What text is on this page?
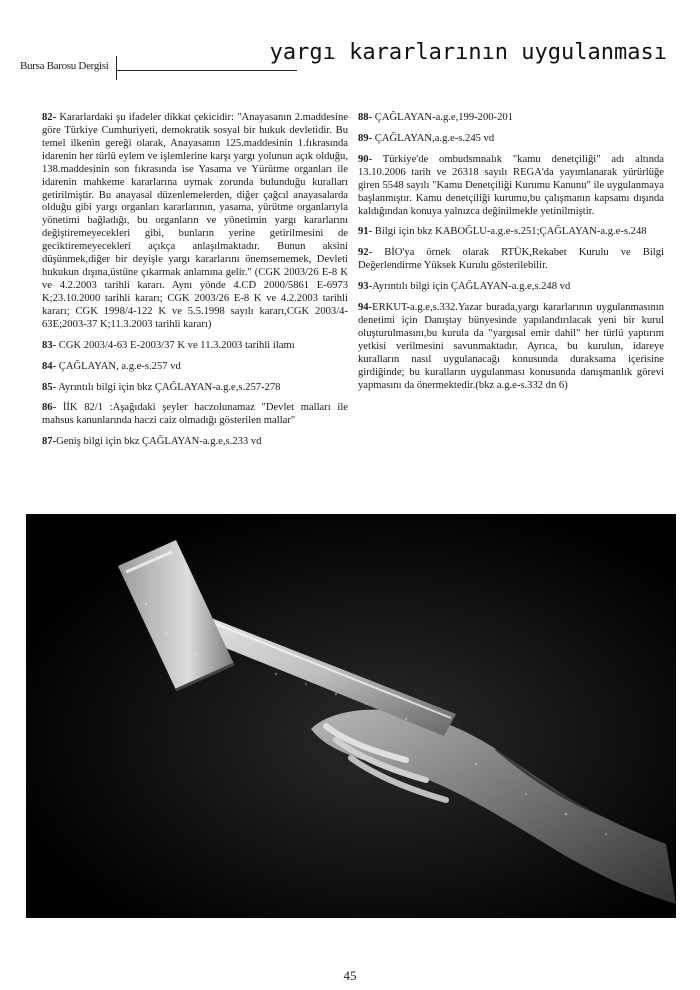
Bursa Barosu Dergisi
yargı kararlarının uygulanması

82- Kararlardaki şu ifadeler dikkat çekicidir: "Anayasanın 2.maddesine göre Türkiye Cumhuriyeti, demokratik sosyal bir hukuk devletidir. Bu temel ilkenin gereği olarak, Anayasanın 125.maddesinin 1.fıkrasında idarenin her türlü eylem ve işlemlerine karşı yargı yolunun açık olduğu, 138.maddesinin son fıkrasında ise Yasama ve Yürütme organları ile idarenin mahkeme kararlarına uymak zorunda bulunduğu kuralları getirilmiştir. Bu anayasal düzenlemelerden, diğer çağcıl anayasalarda olduğu gibi yargı organları kararlarının, yasama, yürütme organlarıyla yönetimi bağladığı, bu organların ve yönetimin yargı kararlarını değiştiremeyecekleri gibi, bunların yerine getirilmesini de geciktiremeyecekleri açıkça anlaşılmaktadır. Bunun aksini düşünmek,diğer bir deyişle yargı kararlarını önemsememek, Devleti hukukun dışına,üstüne çıkarmak anlamına gelir." (CGK 2003/26 E-8 K ve 4.2.2003 tarihli kararı. Aynı yönde 4.CD 2000/5861 E-6973 K;23.10.2000 tarihli kararı; CGK 2003/26 E-8 K ve 4.2.2003 tarihli kararı; CGK 1998/4-122 K ve 5.5.1998 sayılı kararı,CGK 2003/4-63E;2003-37 K;11.3.2003 tarihli kararı)

83- CGK 2003/4-63 E-2003/37 K ve 11.3.2003 tarihli ilamı

84- ÇAĞLAYAN, a.g.e-s.257 vd

85- Ayrıntılı bilgi için bkz ÇAĞLAYAN-a.g.e,s.257-278

86- İİK 82/1 :Aşağıdaki şeyler haczolunamaz "Devlet malları ile mahsus kanunlarında haczi caiz olmadığı gösterilen mallar"

87-Geniş bilgi için bkz ÇAĞLAYAN-a.g.e,s.233 vd

88- ÇAĞLAYAN-a.g.e,199-200-201

89- ÇAĞLAYAN,a.g.e-s.245 vd

90- Türkiye'de ombudsmnalık "kamu denetçiliği" adı altında 13.10.2006 tarih ve 26318 sayılı REGA'da yayımlanarak yürürlüğe giren 5548 sayılı "Kamu Denetçiliği Kurumu Kanunu" ile uygulanmaya başlanmıştır. Kamu denetçiliği kurumu,bu çalışmanın kapsamı dışında kaldığından konuya yalnızca değinilmekle yetinilmiştir.

91- Bilgi için bkz KABOĞLU-a.g.e-s.251;ÇAĞLAYAN-a.g.e-s.248

92- BİO'ya örnek olarak RTÜK,Rekabet Kurulu ve Bilgi Değerlendirme Yüksek Kurulu gösterilebilir.

93-Ayrıntılı bilgi için ÇAĞLAYAN-a.g.e,s.248 vd

94-ERKUT-a.g.e,s.332.Yazar burada,yargı kararlarının uygulanmasının denetimi için Danıştay bünyesinde yapılandırılacak yeni bir kurul oluşturulmasını,bu kurula da "yargısal emir dahil" her türlü yaptırım yetkisi verilmesini savunmaktadır. Ayrıca, bu kurulun, idareye kuralların nasıl uygulanacağı konusunda duraksama içerisine girdiğinde; bu kuralların uygulanması konusunda danışmanlık görevi yapmasını da önermektedir.(bkz a.g.e-s.332 dn 6)

45
